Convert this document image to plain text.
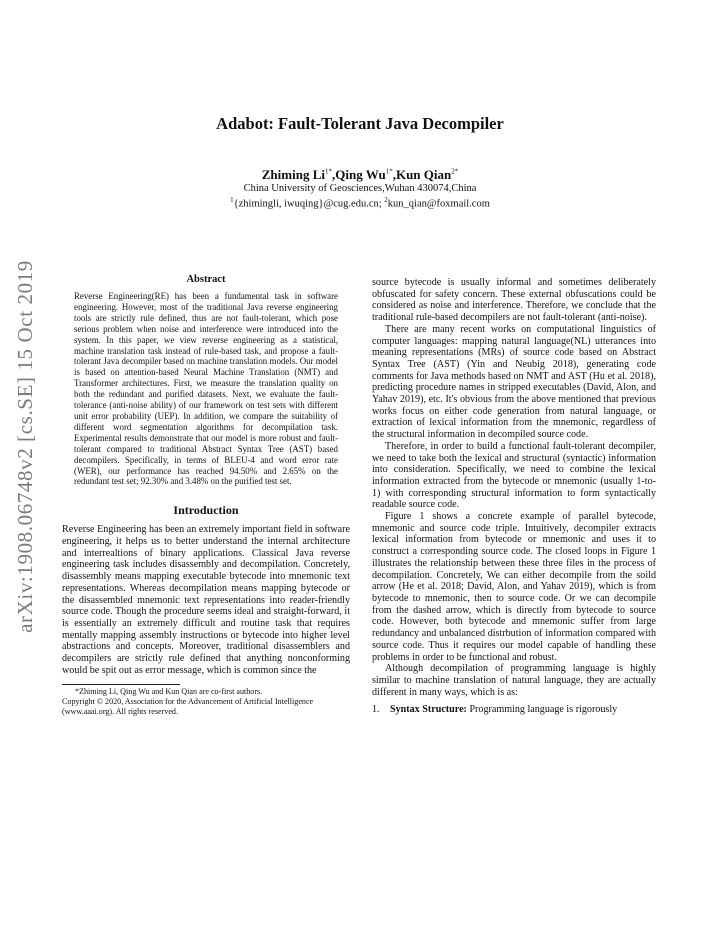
arXiv:1908.06748v2 [cs.SE] 15 Oct 2019
Adabot: Fault-Tolerant Java Decompiler
Zhiming $Li^{1*},Qing$ $Wu^{1*},Kun$ Qian$^{2*}$
China University of Geosciences,Wuhan 430074,China
$^1${zhimingli, iwuqing}@cug.edu.cn; $^2$kun_qian@foxmail.com
Abstract

Reverse Engineering(RE) has been a fundamental task in software engineering. However, most of the traditional Java reverse engineering tools are strictly rule defined, thus are not fault-tolerant, which pose serious problem when noise and interference were introduced into the system. In this paper, we view reverse engineering as a statistical, machine translation task instead of rule-based task, and propose a fault-tolerant Java decompiler based on machine translation models. Our model is based on attention-based Neural Machine Translation (NMT) and Transformer architectures. First, we measure the translation quality on both the redundant and purified datasets. Next, we evaluate the fault-tolerance (anti-noise ability) of our framework on test sets with different unit error probability (UEP). In addition, we compare the suitability of different word segmentation algorithms for decompilation task. Experimental results demonstrate that our model is more robust and fault-tolerant compared to traditional Abstract Syntax Tree (AST) based decompilers. Specifically, in terms of BLEU-4 and word error rate (WER), our performance has reached 94.50% and 2.65% on the redundant test set; 92.30% and 3.48% on the purified test set.

Introduction

Reverse Engineering has been an extremely important field in software engineering, it helps us to better understand the internal architecture and interrealtions of binary applications. Classical Java reverse engineering task includes disassembly and decompilation. Concretely, disassembly means mapping executable bytecode into mnemonic text representations. Whereas decompilation means mapping bytecode or the disassembled mnemonic text representations into reader-friendly source code. Though the procedure seems ideal and straight-forward, it is essentially an extremely difficult and routine task that requires mentally mapping assembly instructions or bytecode into higher level abstractions and concepts. Moreover, traditional disassemblers and decompilers are strictly rule defined that anything nonconforming would be spit out as error message, which is common since the

*Zhiming Li, Qing Wu and Kun Qian are co-first authors.

Copyright © 2020, Association for the Advancement of Artificial Intelligence (www.aaai.org). All rights reserved.

source bytecode is usually informal and sometimes deliberately obfuscated for safety concern. These external obfuscations could be considered as noise and interference. Therefore, we conclude that the traditional rule-based decompilers are not fault-tolerant (anti-noise).

There are many recent works on computational linguistics of computer languages: mapping natural language(NL) utterances into meaning representations (MRs) of source code based on Abstract Syntax Tree (AST) (Yin and Neubig 2018), generating code comments for Java methods based on NMT and AST (Hu et al. 2018), predicting procedure names in stripped executables (David, Alon, and Yahav 2019), etc. It's obvious from the above mentioned that previous works focus on either code generation from natural language, or extraction of lexical information from the mnemonic, regardless of the structural information in decompiled source code.

Therefore, in order to build a functional fault-tolerant decompiler, we need to take both the lexical and structural (syntactic) information into consideration. Specifically, we need to combine the lexical information extracted from the bytecode or mnemonic (usually 1-to-1) with corresponding structural information to form syntactically readable source code.

Figure 1 shows a concrete example of parallel bytecode, mnemonic and source code triple. Intuitively, decompiler extracts lexical information from bytecode or mnemonic and uses it to construct a corresponding source code. The closed loops in Figure 1 illustrates the relationship between these three files in the process of decompilation. Concretely, We can either decompile from the soild arrow (He et al. 2018; David, Alon, and Yahav 2019), which is from bytecode to mnemonic, then to source code. Or we can decompile from the dashed arrow, which is directly from bytecode to source code. However, both bytecode and mnemonic suffer from large redundancy and unbalanced distrbution of information compared with source code. Thus it requires our model capable of handling these problems in order to be functional and robust.

Although decompilation of programming language is highly similar to machine translation of natural language, they are actually different in many ways, which is as:

1.	Syntax Structure: Programming language is rigorously
